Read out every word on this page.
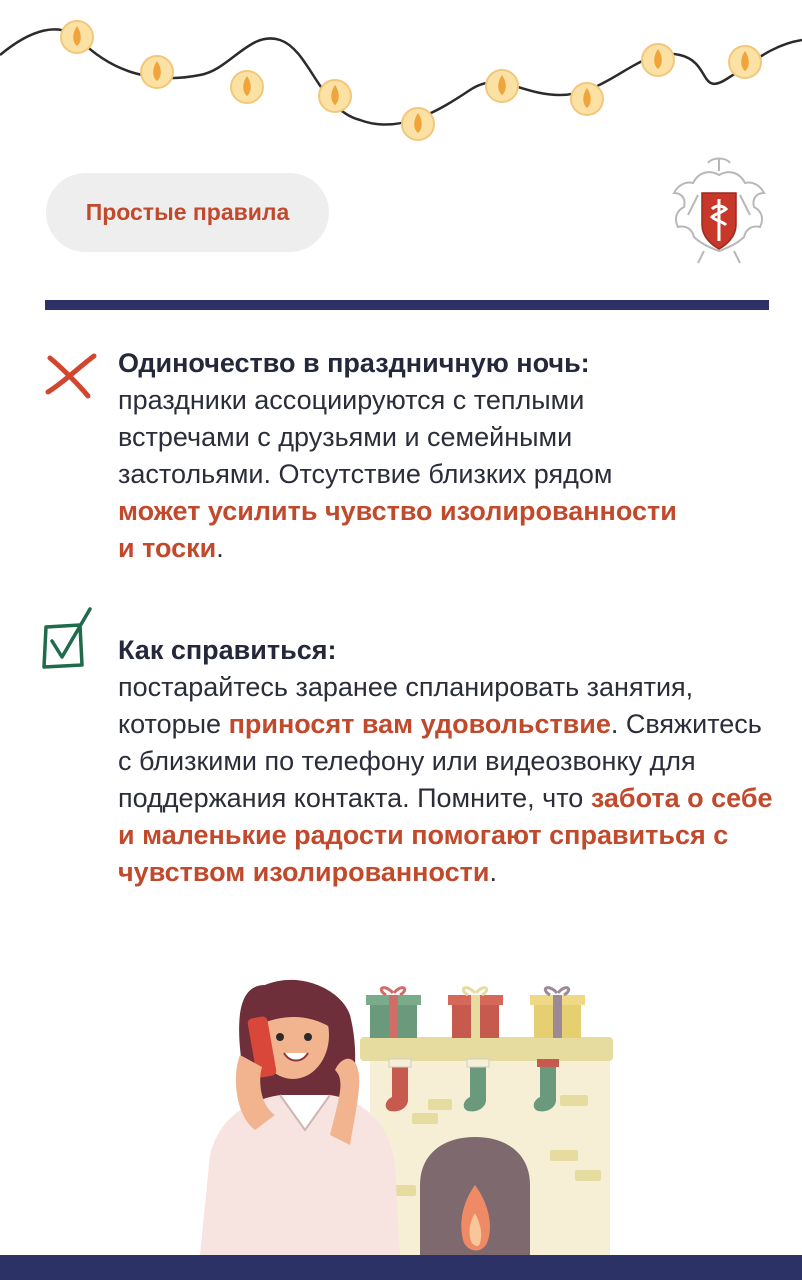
Простые правила
Одиночество в праздничную ночь:
праздники ассоциируются с теплыми встречами с друзьями и семейными застольями. Отсутствие близких рядом может усилить чувство изолированности и тоски.
Как справиться:
постарайтесь заранее спланировать занятия, которые приносят вам удовольствие. Свяжитесь с близкими по телефону или видеозвонку для поддержания контакта. Помните, что забота о себе и маленькие радости помогают справиться с чувством изолированности.
